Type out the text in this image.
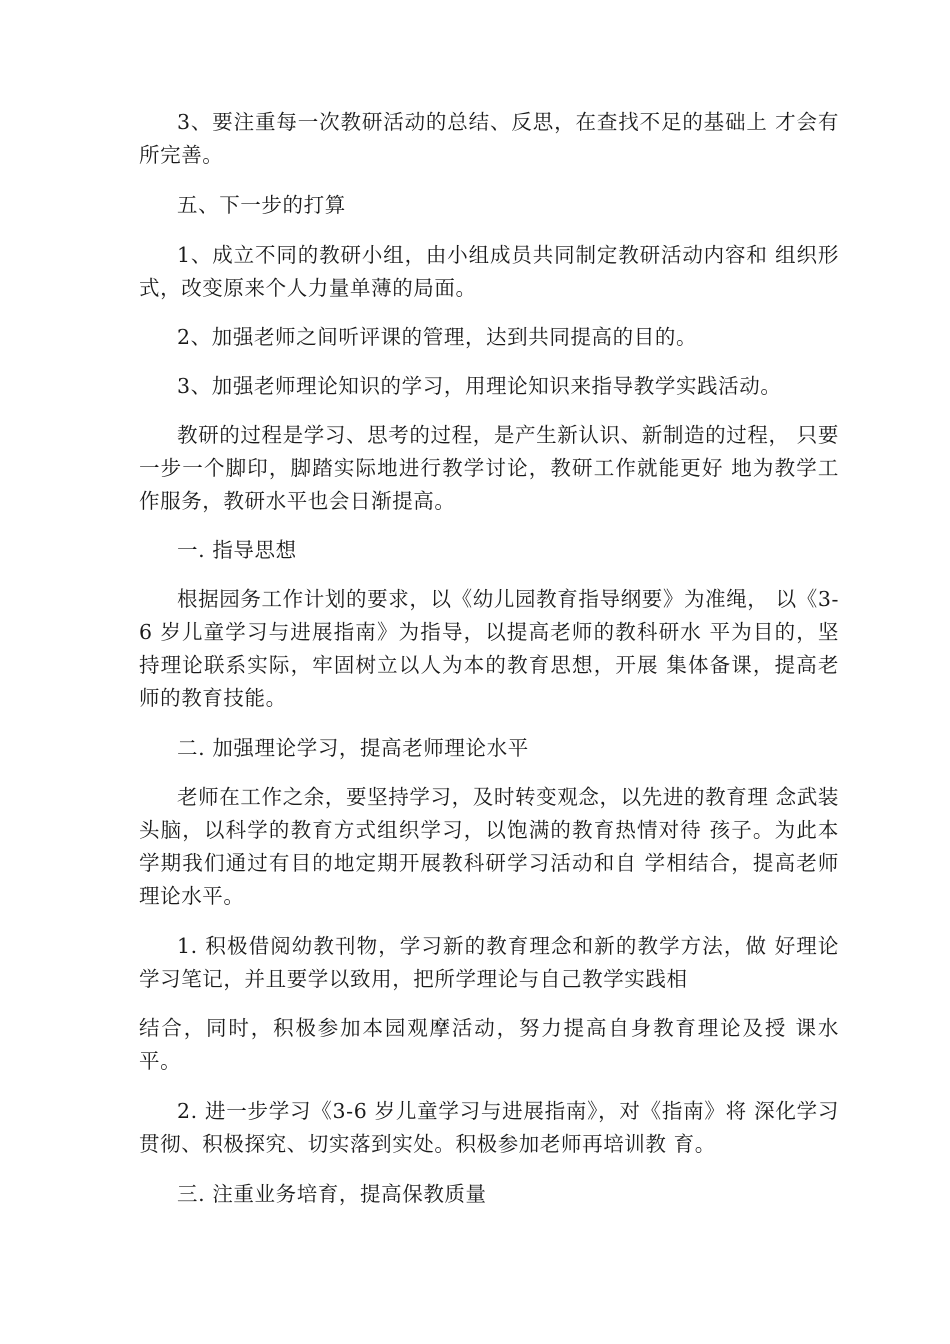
3、要注重每一次教研活动的总结、反思，在查找不足的基础上 才会有所完善。

五、下一步的打算

1、成立不同的教研小组，由小组成员共同制定教研活动内容和 组织形式，改变原来个人力量单薄的局面。

2、加强老师之间听评课的管理，达到共同提高的目的。

3、加强老师理论知识的学习，用理论知识来指导教学实践活动。

教研的过程是学习、思考的过程，是产生新认识、新制造的过程， 只要一步一个脚印，脚踏实际地进行教学讨论，教研工作就能更好 地为教学工作服务，教研水平也会日渐提高。

一. 指导思想

根据园务工作计划的要求，以《幼儿园教育指导纲要》为准绳， 以《3-6 岁儿童学习与进展指南》为指导，以提高老师的教科研水 平为目的，坚持理论联系实际，牢固树立以人为本的教育思想，开展 集体备课，提高老师的教育技能。

二. 加强理论学习，提高老师理论水平

老师在工作之余，要坚持学习，及时转变观念，以先进的教育理 念武装头脑，以科学的教育方式组织学习，以饱满的教育热情对待 孩子。为此本学期我们通过有目的地定期开展教科研学习活动和自 学相结合，提高老师理论水平。

1. 积极借阅幼教刊物，学习新的教育理念和新的教学方法，做 好理论学习笔记，并且要学以致用，把所学理论与自己教学实践相

结合，同时，积极参加本园观摩活动，努力提高自身教育理论及授 课水平。

2. 进一步学习《3-6 岁儿童学习与进展指南》，对《指南》将 深化学习贯彻、积极探究、切实落到实处。积极参加老师再培训教 育。

三. 注重业务培育，提高保教质量
